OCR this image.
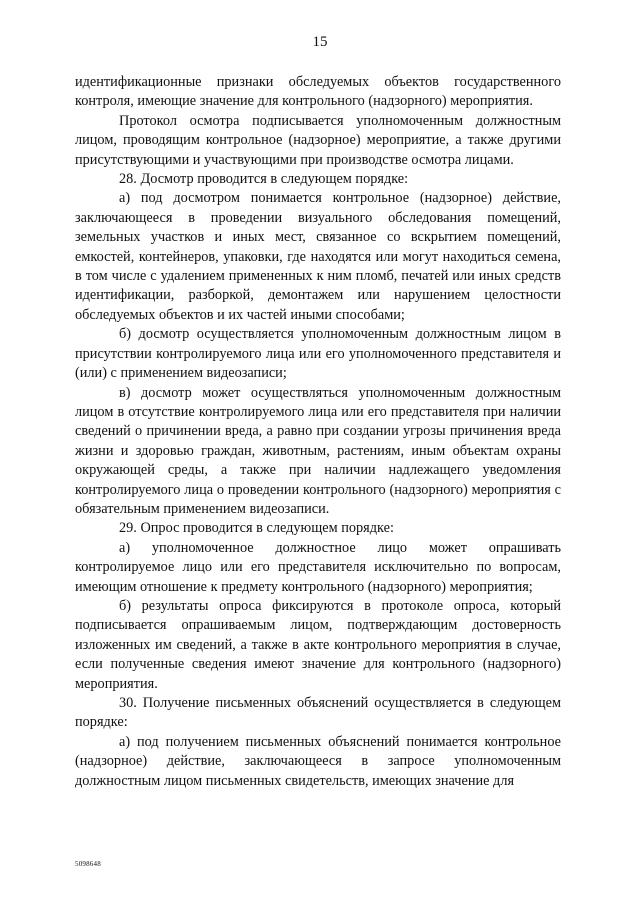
15

идентификационные признаки обследуемых объектов государственного контроля, имеющие значение для контрольного (надзорного) мероприятия.

Протокол осмотра подписывается уполномоченным должностным лицом, проводящим контрольное (надзорное) мероприятие, а также другими присутствующими и участвующими при производстве осмотра лицами.

28. Досмотр проводится в следующем порядке:

а) под досмотром понимается контрольное (надзорное) действие, заключающееся в проведении визуального обследования помещений, земельных участков и иных мест, связанное со вскрытием помещений, емкостей, контейнеров, упаковки, где находятся или могут находиться семена, в том числе с удалением примененных к ним пломб, печатей или иных средств идентификации, разборкой, демонтажем или нарушением целостности обследуемых объектов и их частей иными способами;

б) досмотр осуществляется уполномоченным должностным лицом в присутствии контролируемого лица или его уполномоченного представителя и (или) с применением видеозаписи;

в) досмотр может осуществляться уполномоченным должностным лицом в отсутствие контролируемого лица или его представителя при наличии сведений о причинении вреда, а равно при создании угрозы причинения вреда жизни и здоровью граждан, животным, растениям, иным объектам охраны окружающей среды, а также при наличии надлежащего уведомления контролируемого лица о проведении контрольного (надзорного) мероприятия с обязательным применением видеозаписи.

29. Опрос проводится в следующем порядке:

а) уполномоченное должностное лицо может опрашивать контролируемое лицо или его представителя исключительно по вопросам, имеющим отношение к предмету контрольного (надзорного) мероприятия;

б) результаты опроса фиксируются в протоколе опроса, который подписывается опрашиваемым лицом, подтверждающим достоверность изложенных им сведений, а также в акте контрольного мероприятия в случае, если полученные сведения имеют значение для контрольного (надзорного) мероприятия.

30. Получение письменных объяснений осуществляется в следующем порядке:

а) под получением письменных объяснений понимается контрольное (надзорное) действие, заключающееся в запросе уполномоченным должностным лицом письменных свидетельств, имеющих значение для

5098648
